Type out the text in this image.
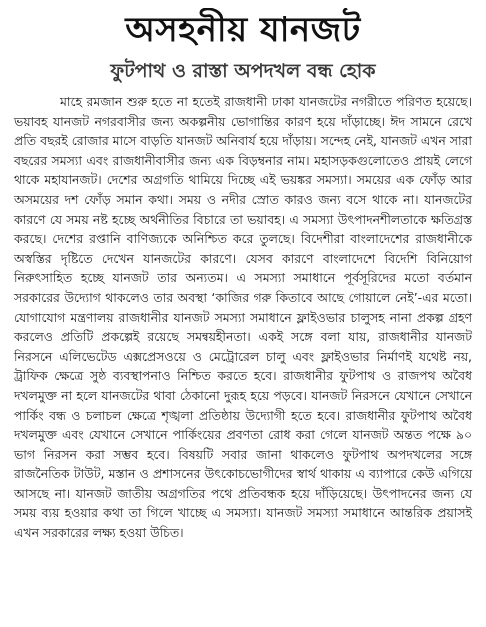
অসহনীয় যানজট
ফুটপাথ ও রাস্তা অপদখল বন্ধ হোক

মাহে রমজান শুরু হতে না হতেই রাজধানী ঢাকা যানজটের নগরীতে পরিণত হয়েছে। ভয়াবহ যানজট নগরবাসীর জন্য অকল্পনীয় ভোগান্তির কারণ হয়ে দাঁড়াচ্ছে। ঈদ সামনে রেখে প্রতি বছরই রোজার মাসে বাড়তি যানজট অনিবার্য হয়ে দাঁড়ায়। সন্দেহ নেই, যানজট এখন সারা বছরের সমস্যা এবং রাজধানীবাসীর জন্য এক বিড়ম্বনার নাম। মহাসড়কগুলোতেও প্রায়ই লেগে থাকে মহাযানজট। দেশের অগ্রগতি থামিয়ে দিচ্ছে এই ভয়ঙ্কর সমস্যা। সময়ের এক ফোঁড় আর অসময়ের দশ ফোঁড় সমান কথা। সময় ও নদীর স্রোত কারও জন্য বসে থাকে না। যানজটের কারণে যে সময় নষ্ট হচ্ছে অর্থনীতির বিচারে তা ভয়াবহ। এ সমস্যা উৎপাদনশীলতাকে ক্ষতিগ্রস্ত করছে। দেশের রপ্তানি বাণিজ্যকে অনিশ্চিত করে তুলছে। বিদেশীরা বাংলাদেশের রাজধানীকে অস্বস্তির দৃষ্টিতে দেখেন যানজটের কারণে। যেসব কারণে বাংলাদেশে বিদেশি বিনিয়োগ নিরুৎসাহিত হচ্ছে যানজট তার অন্যতম। এ সমস্যা সমাধানে পূর্বসূরিদের মতো বর্তমান সরকারের উদ্যোগ থাকলেও তার অবস্থা ‘কাজির গরু কিতাবে আছে গোয়ালে নেই’-এর মতো। যোগাযোগ মন্ত্রণালয় রাজধানীর যানজট সমস্যা সমাধানে ফ্লাইওভার চালুসহ নানা প্রকল্প গ্রহণ করলেও প্রতিটি প্রকল্পেই রয়েছে সমন্বয়হীনতা। একই সঙ্গে বলা যায়, রাজধানীর যানজট নিরসনে এলিভেটেড এক্সপ্রেসওয়ে ও মেট্রোরেল চালু এবং ফ্লাইওভার নির্মাণই যথেষ্ট নয়, ট্রাফিক ক্ষেত্রে সুষ্ঠ ব্যবস্থাপনাও নিশ্চিত করতে হবে। রাজধানীর ফুটপাথ ও রাজপথ অবৈধ দখলমুক্ত না হলে যানজটের থাবা ঠেকানো দুরূহ হয়ে পড়বে। যানজট নিরসনে যেখানে সেখানে পার্কিং বন্ধ ও চলাচল ক্ষেত্রে শৃঙ্খলা প্রতিষ্ঠায় উদ্যোগী হতে হবে। রাজধানীর ফুটপাথ অবৈধ দখলমুক্ত এবং যেখানে সেখানে পার্কিংয়ের প্রবণতা রোধ করা গেলে যানজট অন্তত পক্ষে ৯০ ভাগ নিরসন করা সম্ভব হবে। বিষয়টি সবার জানা থাকলেও ফুটপাথ অপদখলের সঙ্গে রাজনৈতিক টাউট, মস্তান ও প্রশাসনের উৎকোচভোগীদের স্বার্থ থাকায় এ ব্যাপারে কেউ এগিয়ে আসছে না। যানজট জাতীয় অগ্রগতির পথে প্রতিবন্ধক হয়ে দাঁড়িয়েছে। উৎপাদনের জন্য যে সময় ব্যয় হওয়ার কথা তা গিলে খাচ্ছে এ সমস্যা। যানজট সমস্যা সমাধানে আন্তরিক প্রয়াসই এখন সরকারের লক্ষ্য হওয়া উচিত।
